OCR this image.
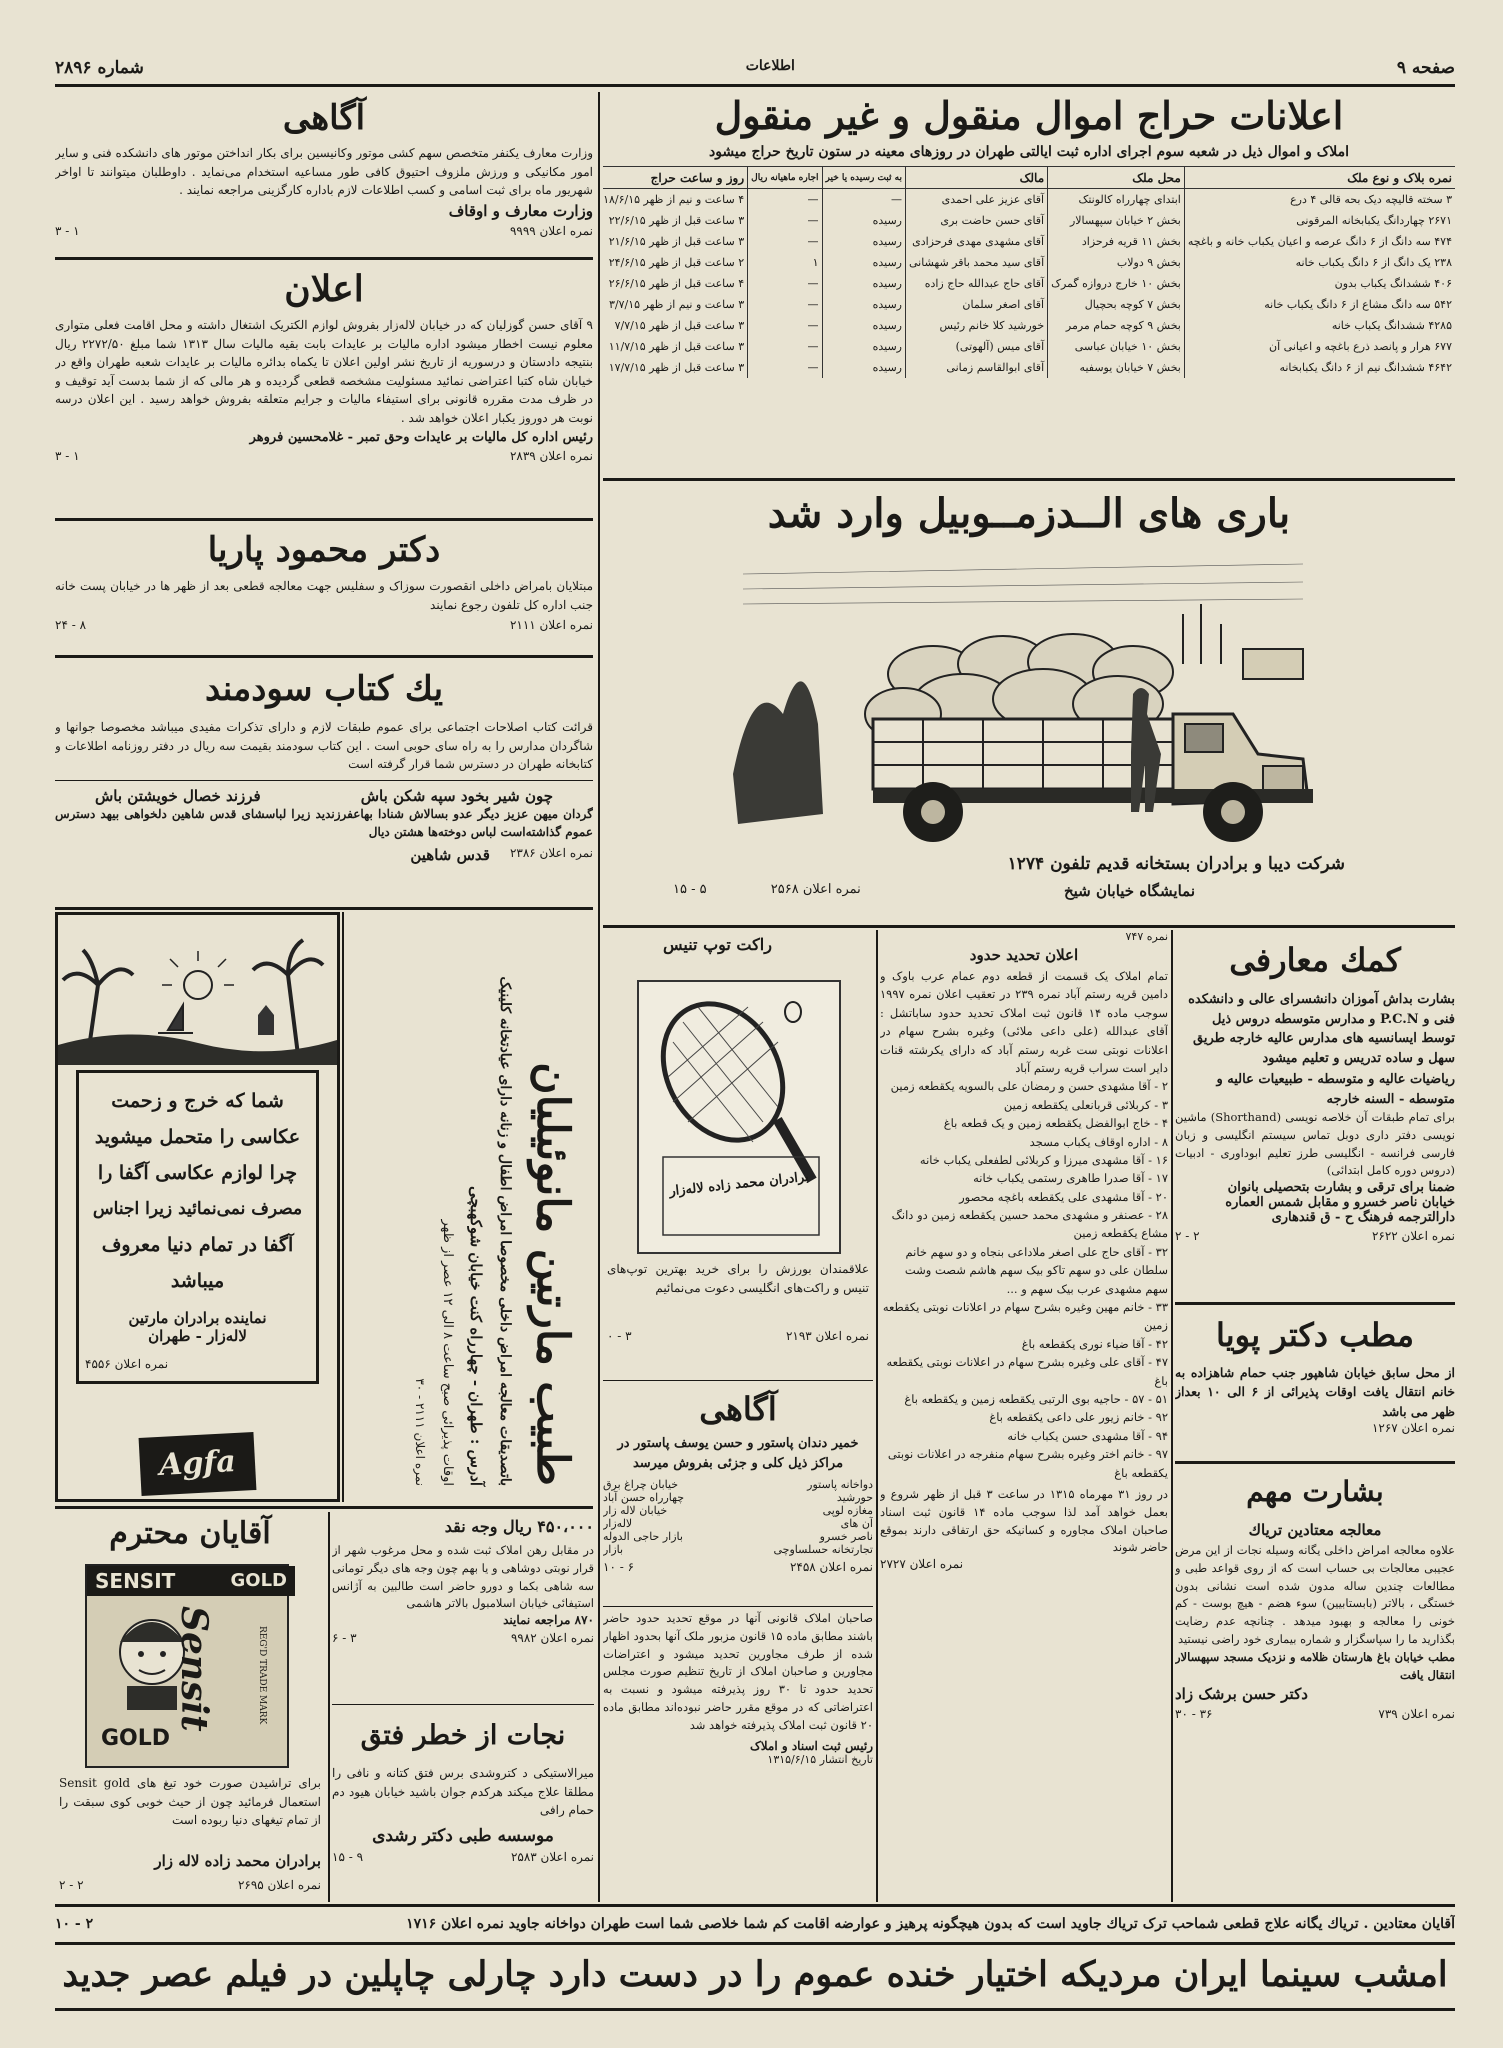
صفحه ۹
اطلاعات
شماره ۲۸۹۶
اعلانات حراج اموال منقول و غیر منقول
املاک و اموال ذیل در شعبه سوم اجرای اداره ثبت ایالتی طهران در روزهای معینه در ستون تاریخ حراج میشود
نمره بلاک و نوع ملک	محل ملک	مالک	به ثبت رسیده یا خیر	اجاره ماهیانه ریال	روز و ساعت حراج	
۳ سخته قالیچه دیک بحه قالی ۴ درع	ابتدای چهارراه کالونتک	آقای عزیز علی احمدی	—	—	۴ ساعت و نیم از ظهر ۱۸/۶/۱۵	
۲۶۷۱ چهاردانگ یکبابخانه المرقونی	بخش ۲ خیابان سپهسالار	آقای حسن حاضت بری	رسیده	—	۳ ساعت قبل از ظهر ۲۲/۶/۱۵	
۴۷۴ سه دانگ از ۶ دانگ عرصه و اعیان یکباب خانه و باغچه	بخش ۱۱ قریه فرحزاد	آقای مشهدی مهدی فرحزادی	رسیده	—	۳ ساعت قبل از ظهر ۲۱/۶/۱۵	
۲۳۸ یک دانگ از ۶ دانگ یکباب خانه	بخش ۹ دولاب	آقای سید محمد باقر شهشانی	رسیده	۱	۲ ساعت قبل از ظهر ۲۴/۶/۱۵	
۴۰۶ ششدانگ یکباب بدون	بخش ۱۰ خارج دروازه گمرک	آقای حاج عبدالله حاج زاده	رسیده	—	۴ ساعت قبل از ظهر ۲۶/۶/۱۵	
۵۴۲ سه دانگ مشاع از ۶ دانگ یکباب خانه	بخش ۷ کوچه بحچیال	آقای اصغر سلمان	رسیده	—	۳ ساعت و نیم از ظهر ۳/۷/۱۵	
۴۲۸۵ ششدانگ یکباب خانه	بخش ۹ کوچه حمام مرمر	خورشید کلا خانم رئیس	رسیده	—	۳ ساعت قبل از ظهر ۷/۷/۱۵	
۶۷۷ هرار و پانصد ذرع باغچه و اعیانی آن	بخش ۱۰ خیابان عباسی	آقای میس (آلهوتی)	رسیده	—	۳ ساعت قبل از ظهر ۱۱/۷/۱۵	
۴۶۴۲ ششدانگ نیم از ۶ دانگ یکبابخانه	بخش ۷ خیابان یوسفیه	آقای ابوالقاسم زمانی	رسیده	—	۳ ساعت قبل از ظهر ۱۷/۷/۱۵	
باری های الــدزمــوبیل وارد شد
شرکت دیبا و برادران بستخانه قدیم تلفون ۱۲۷۴
نمایشگاه خیابان شیخ
نمره اعلان ۲۵۶۸ ۵ - ۱۵
آگاهی
وزارت معارف یکنفر متخصص سهم کشی موتور وکانیسین برای بکار انداختن موتور های دانشکده فنی و سایر امور مکانیکی و ورزش ملزوف احتیوق کافی طور مساعیه استخدام می‌نماید . داوطلبان میتوانند تا اواخر شهریور ماه برای ثبت اسامی و کسب اطلاعات لازم باداره کارگزینی مراجعه نمایند .
وزارت معارف و اوقاف
نمره اعلان ۹۹۹۹
۱ - ۳
اعلان
۹ آقای حسن گوزلیان که در خیابان لاله‌زار بفروش لوازم الکتریک اشتغال داشته و محل اقامت فعلی متواری معلوم نیست اخطار میشود اداره مالیات بر عایدات بابت بقیه مالیات سال ۱۳۱۳ شما مبلغ ۲۲۷۲/۵۰ ریال بنتیجه دادستان و درسوریه از تاریخ نشر اولین اعلان تا یکماه بدائره مالیات بر عایدات شعبه طهران واقع در خیابان شاه کتبا اعتراضی نمائید مسئولیت مشخصه قطعی گردیده و هر مالی که از شما بدست آید توقیف و در ظرف مدت مقرره قانونی برای استیفاء مالیات و جرایم متعلقه بفروش خواهد رسید . این اعلان درسه نوبت هر دوروز یکبار اعلان خواهد شد .
رئیس اداره کل مالیات بر عایدات وحق تمبر - غلامحسین فروهر
نمره اعلان ۲۸۳۹
۱ - ۳
دکتر محمود پاریا
مبتلایان بامراض داخلی انقصورت سوزاک و سفلیس جهت معالجه قطعی بعد از ظهر ها در خیابان پست خانه جنب اداره کل تلفون رجوع نمایند
نمره اعلان ۲۱۱۱
۸ - ۲۴
یك كتاب سودمند
قرائت کتاب اصلاحات اجتماعی برای عموم طبقات لازم و دارای تذکرات مفیدی میباشد مخصوصا جوانها و شاگردان مدارس را به راه سای حوبی است . این کتاب سودمند بقیمت سه ریال در دفتر روزنامه اطلاعات و کتابخانه طهران در دسترس شما قرار گرفته است
چون شیر بخود سپه شکن باش
فرزند خصال خویشتن باش
گردان میهن عزیز دیگر عدو بسالاش شنادا بهاعفرزندید زیرا لباسشای قدس شاهین دلخواهی بیهد دسترس عموم گذاشته‌است لباس دوخته‌ها هشتن دیال
نمره اعلان ۲۳۸۶
قدس شاهین
شما که خرج و زحمت
عکاسی را متحمل میشوید
چرا لوازم عکاسی آگفا را
مصرف نمی‌نمائید زیرا اجناس
آگفا در تمام دنیا معروف
میباشد
نماینده برادران مارتین
لاله‌زار - طهران
نمره اعلان ۴۵۵۶
Agfa	طبیب مارتین مانوئیلیان
باتصدیقات معالجه امراض داخلی مخصوصا امراض اطفال و زنانه دارای عیادتخانه کلینیک
آدرس : طهران - چهارراه کنت خیابان شوکهبچی
اوقات پذیرائی صبح ساعت ۸ الی ۱۲ عصر از ظهر
نمره اعلان ۲۱۱۱ - ۳۰
راکت توپ تنیس
برادران محمد زاده لاله‌زار
علاقمندان بورزش را برای خرید بهترین توپ‌های تنیس و راکت‌های انگلیسی دعوت می‌نمائیم
نمره اعلان ۲۱۹۳
۳ - ۰
آگاهی
خمیر دندان پاستور و حسن یوسف پاستور در مراکز ذیل کلی و جزئی بفروش میرسد
دواخانه پاستور
خیابان چراغ برق
حورشید
چهارراه حسن آباد
مغازه لوپی
خیابان لاله زار
آن های
لاله‌زار
ناصر خسرو
بازار حاجی الدوله
تجارتخانه حسلساوچی
بازار
نمره اعلان ۲۴۵۸
۶ - ۱۰
صاحبان املاک قانونی آنها در موقع تحدید حدود حاضر باشند مطابق ماده ۱۵ قانون مزبور ملک آنها بحدود اظهار شده از طرف مجاورین تحدید میشود و اعتراضات مجاورین و صاحبان املاک از تاریخ تنظیم صورت مجلس تحدید حدود تا ۳۰ روز پذیرفته میشود و نسبت به اعتراضاتی که در موقع مقرر حاضر نبوده‌اند مطابق ماده ۲۰ قانون ثبت املاک پذیرفته خواهد شد
رئیس ثبت اسناد و املاک
تاریخ انتشار ۱۳۱۵/۶/۱۵
نمره ۷۴۷
اعلان تحدید حدود
تمام املاک یک قسمت از قطعه دوم عمام عرب باوک و دامین قریه رستم آباد نمره ۲۳۹ در تعقیب اعلان نمره ۱۹۹۷ سوجب ماده ۱۴ قانون ثبت املاک تحدید حدود ساباتشل : آقای عبدالله (علی داعی ملائی) وغیره بشرح سهام در اعلانات نوبتی ست غربه رستم آباد که دارای یکرشته قنات دایر است سراب قریه رستم آباد
۲ - آقا مشهدی حسن و رمضان علی بالسویه یکقطعه زمین
۳ - کربلائی قربانعلی یکقطعه زمین
۴ - خاج ابوالفضل یکقطعه زمین و یک قطعه باغ
۸ - اداره اوقاف یکباب مسجد
۱۶ - آقا مشهدی میرزا و کربلائی لطفعلی یکباب خانه
۱۷ - آقا صدرا طاهری رستمی یکباب خانه
۲۰ - آقا مشهدی علی یکقطعه باغچه محصور
۲۸ - عصنفر و مشهدی محمد حسین یکقطعه زمین دو دانگ مشاع یکقطعه زمین
۳۲ - آقای حاج علی اصغر ملاداعی بنجاه و دو سهم خانم سلطان علی دو سهم تاکو بیک سهم هاشم شصت وشت سهم مشهدی عرب بیک سهم و ...
۳۳ - خانم مهین وغیره بشرح سهام در اعلانات نوبتی یکقطعه زمین
۴۲ - آقا ضیاء نوری یکقطعه باغ
۴۷ - آقای علی وغیره بشرح سهام در اعلانات نوبتی یکقطعه باغ
۵۱ - ۵۷ - حاجیه بوی الرتبی یکقطعه زمین و یکقطعه باغ
۹۲ - خانم زیور علی داعی یکقطعه باغ
۹۴ - آقا مشهدی حسن یکباب خانه
۹۷ - خانم اختر وغیره بشرح سهام منفرجه در اعلانات نوبتی یکقطعه باغ
در روز ۳۱ مهرماه ۱۳۱۵ در ساعت ۳ قبل از ظهر شروع و بعمل خواهد آمد لذا سوجب ماده ۱۴ قانون ثبت اسناد صاحبان املاک مجاوره و کسانیکه حق ارتفاقی دارند بموقع حاضر شوند
نمره اعلان ۲۷۲۷
کمك معارفی
بشارت بداش آموزان دانشسرای عالی و دانشکده فنی و P.C.N و مدارس متوسطه دروس ذیل توسط ایسانسیه های مدارس عالیه خارجه طریق سهل و ساده تدریس و تعلیم میشود
ریاضیات عالیه و متوسطه - طبیعیات عالیه و متوسطه - السنه خارجه
برای تمام طبقات آن خلاصه نویسی (Shorthand) ماشین نویسی دفتر داری دوبل تماس سیستم انگلیسی و زبان فارسی فرانسه - انگلیسی طرز تعلیم ابوداوری - ادبیات (دروس دوره کامل ابتدائی)
ضمنا برای ترقی و بشارت بتحصیلی بانوان
خیابان ناصر خسرو و مقابل شمس العماره
دارالترجمه فرهنگ ح - ق قندهاری
نمره اعلان ۲۶۲۲
۲ - ۲
مطب دکتر پویا
از محل سابق خیابان شاهپور جنب حمام شاهزاده به خانم انتقال یافت اوقات پذیرائی از ۶ الی ۱۰ بعداز ظهر می باشد
نمره اعلان ۱۲۶۷
بشارت مهم
معالجه معتادین تریاك
علاوه معالجه امراض داخلی یگانه وسیله نجات از این مرض عجیبی معالجات بی حساب است که از روی قواعد طبی و مطالعات چندین ساله مدون شده است نشانی بدون خستگی ، بالاتر (بابستابیین) سوء هضم - هیچ بوست - کم خونی را معالجه و بهبود میدهد . چنانچه عدم رضایت بگذارید ما را سپاسگزار و شماره بیماری خود راضی نیستید
مطب خیابان باغ هارستان ظلامه و نزدیک مسجد سپهسالار انتقال یافت
دکتر حسن برشک زاد
نمره اعلان ۷۳۹
۳۶ - ۳۰
آقایان محترم
SENSIT	GOLD
Sensit	REG'D TRADE MARK
GOLD
برای تراشیدن صورت خود تیغ های Sensit gold استعمال فرمائید چون از حیث خوبی کوی سبقت را از تمام تیغهای دنیا ربوده است
برادران محمد زاده لاله زار
نمره اعلان ۲۶۹۵
۲ - ۲
۴۵۰،۰۰۰ ریال وجه نقد
در مقابل رهن املاک ثبت شده و محل مرغوب شهر از قرار نوبتی دوشاهی و یا بهم چون وجه های دیگر تومانی سه شاهی بکما و دورو حاضر است طالبین به آژانس استیفائی خیابان اسلامبول بالاتر هاشمی
۸۷۰ مراجعه نمایند
نمره اعلان ۹۹۸۲
۳ - ۶
نجات از خطر فتق
میرالاستیکی د کتروشدی برس فتق کتانه و نافی را مطلقا علاج میکند هرکدم جوان باشید خیابان هیود دم حمام رافی
موسسه طبی دکتر رشدی
نمره اعلان ۲۵۸۳
۹ - ۱۵
آقایان معتادین . تریاك یگانه علاج قطعی شماحب ترک تریاك جاوید است که بدون هیچگونه پرهیز و عوارضه اقامت کم شما خلاصی شما است طهران دواخانه جاوید نمره اعلان ۱۷۱۶
۲ - ۱۰
امشب سینما ایران مردیکه اختیار خنده عموم را در دست دارد چارلی چاپلین در فیلم عصر جدید
